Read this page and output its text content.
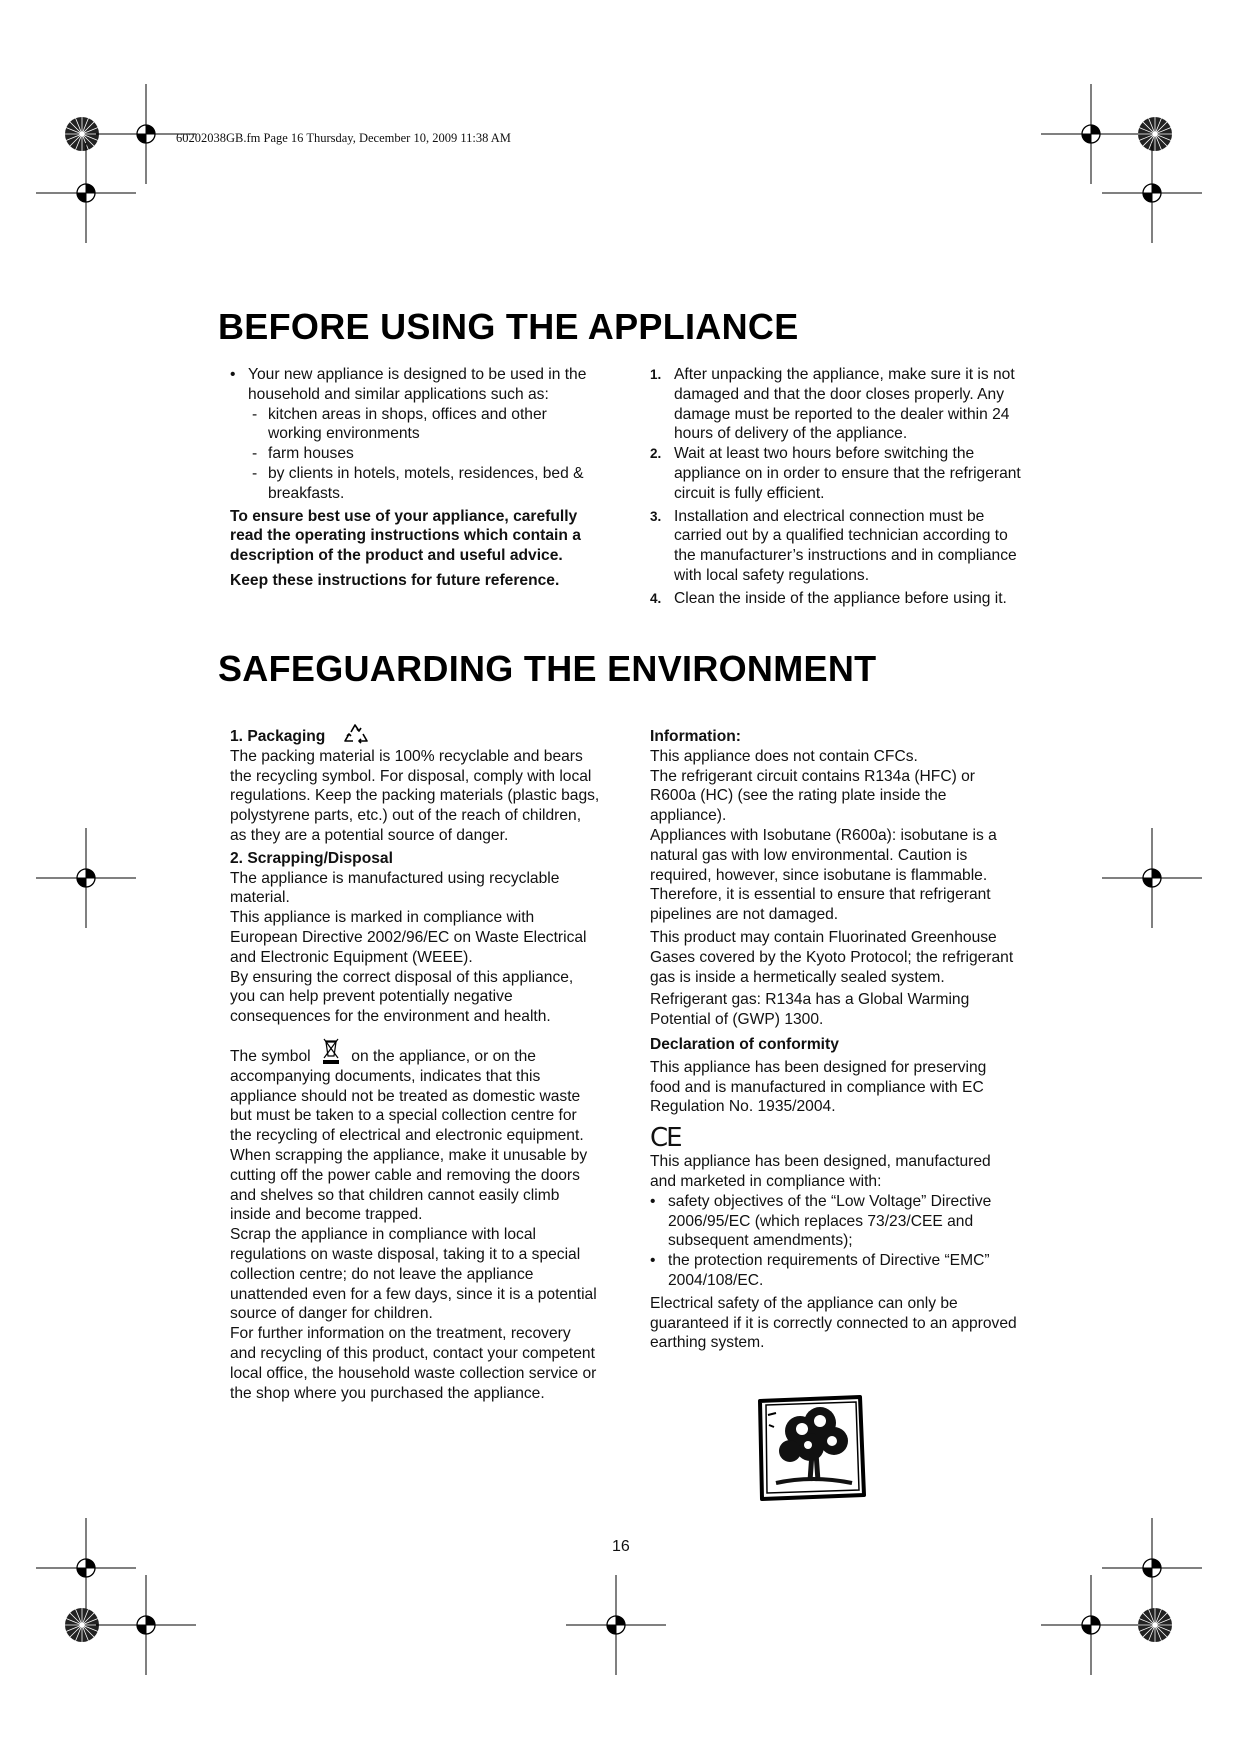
60202038GB.fm Page 16 Thursday, December 10, 2009 11:38 AM
BEFORE USING THE APPLIANCE

• Your new appliance is designed to be used in the household and similar applications such as:

- kitchen areas in shops, offices and other working environments

- farm houses

- by clients in hotels, motels, residences, bed & breakfasts.

To ensure best use of your appliance, carefully read the operating instructions which contain a description of the product and useful advice.

Keep these instructions for future reference.

1. After unpacking the appliance, make sure it is not damaged and that the door closes properly. Any damage must be reported to the dealer within 24 hours of delivery of the appliance.

2. Wait at least two hours before switching the appliance on in order to ensure that the refrigerant circuit is fully efficient.

3. Installation and electrical connection must be carried out by a qualified technician according to the manufacturer’s instructions and in compliance with local safety regulations.

4. Clean the inside of the appliance before using it.

SAFEGUARDING THE ENVIRONMENT

1. Packaging

The packing material is 100% recyclable and bears the recycling symbol. For disposal, comply with local regulations. Keep the packing materials (plastic bags, polystyrene parts, etc.) out of the reach of children, as they are a potential source of danger.

2. Scrapping/Disposal

The appliance is manufactured using recyclable material.

This appliance is marked in compliance with European Directive 2002/96/EC on Waste Electrical and Electronic Equipment (WEEE).

By ensuring the correct disposal of this appliance, you can help prevent potentially negative consequences for the environment and health.

The symbol	on the appliance, or on the accompanying documents, indicates that this appliance should not be treated as domestic waste but must be taken to a special collection centre for the recycling of electrical and electronic equipment.

When scrapping the appliance, make it unusable by cutting off the power cable and removing the doors and shelves so that children cannot easily climb inside and become trapped.

Scrap the appliance in compliance with local regulations on waste disposal, taking it to a special collection centre; do not leave the appliance unattended even for a few days, since it is a potential source of danger for children.

For further information on the treatment, recovery and recycling of this product, contact your competent local office, the household waste collection service or the shop where you purchased the appliance.

Information:

This appliance does not contain CFCs.

The refrigerant circuit contains R134a (HFC) or R600a (HC) (see the rating plate inside the appliance).

Appliances with Isobutane (R600a): isobutane is a natural gas with low environmental. Caution is required, however, since isobutane is flammable. Therefore, it is essential to ensure that refrigerant pipelines are not damaged.

This product may contain Fluorinated Greenhouse Gases covered by the Kyoto Protocol; the refrigerant gas is inside a hermetically sealed system.

Refrigerant gas: R134a has a Global Warming Potential of (GWP) 1300.

Declaration of conformity

This appliance has been designed for preserving food and is manufactured in compliance with EC Regulation No. 1935/2004.

CE

This appliance has been designed, manufactured and marketed in compliance with:

• safety objectives of the “Low Voltage” Directive 2006/95/EC (which replaces 73/23/CEE and subsequent amendments);

• the protection requirements of Directive “EMC” 2004/108/EC.

Electrical safety of the appliance can only be guaranteed if it is correctly connected to an approved earthing system.

16
